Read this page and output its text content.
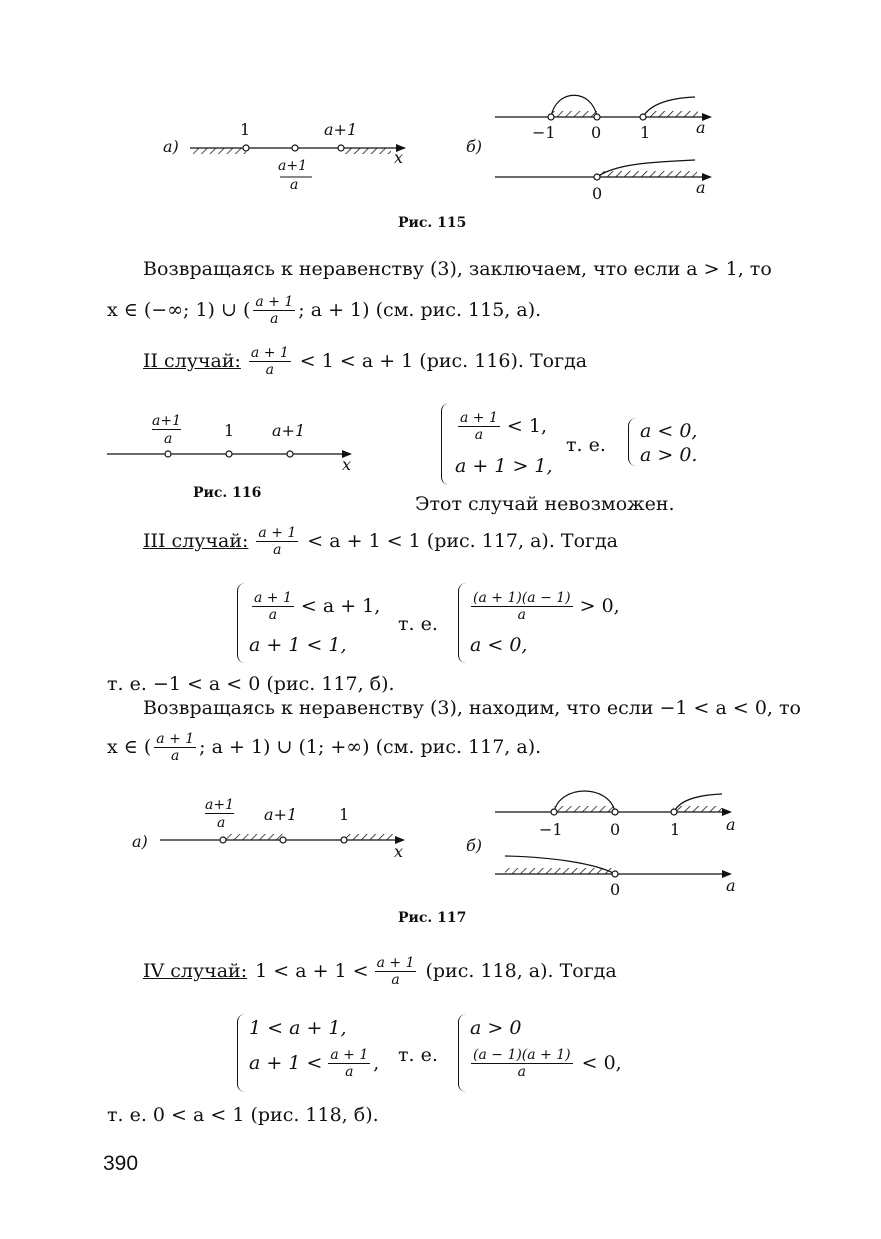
а)
1	a+1
a+1
a
x
б)
−1 0 1	a
0	a
Рис. 115
Возвращаясь к неравенству (3), заключаем, что если a > 1, то
x ∈ (−∞; 1) ∪ ( $\frac{a + 1}{a}$ ; a + 1) (см. рис. 115, а).
II случай: $\frac{a + 1}{a} < 1 < a + 1$ (рис. 116). Тогда
a+1
a	1 a+1
x
Рис. 116
$\frac{a + 1}{a} < 1$,
a + 1 > 1,
т. е.
a < 0,
a > 0.
Этот случай невозможен.
III случай: $\frac{a + 1}{a} < a + 1 < 1$ (рис. 117, а). Тогда
$\frac{a + 1}{a} < a + 1$,
a + 1 < 1,
т. е.
$\frac{(a + 1)(a - 1)}{a} > 0$,
a < 0,
т. е. −1 < a < 0 (рис. 117, б).
Возвращаясь к неравенству (3), находим, что если −1 < a < 0, то
x ∈ ( $\frac{a + 1}{a}$ ; a + 1) ∪ (1; +∞) (см. рис. 117, а).
а)
a+1
a a+1	1
x	б)
−1	0	1	a
0	a
Рис. 117
IV случай: $1 < a + 1 < \frac{a + 1}{a} (рис$. 118, а). Тогда
1 < a + 1,
$a + 1 < \frac{a + 1}{a}$ , т. е.
a > 0
$\frac{(a - 1)(a + 1)}{a} < 0$,
т. е. 0 < a < 1 (рис. 118, б).
390
